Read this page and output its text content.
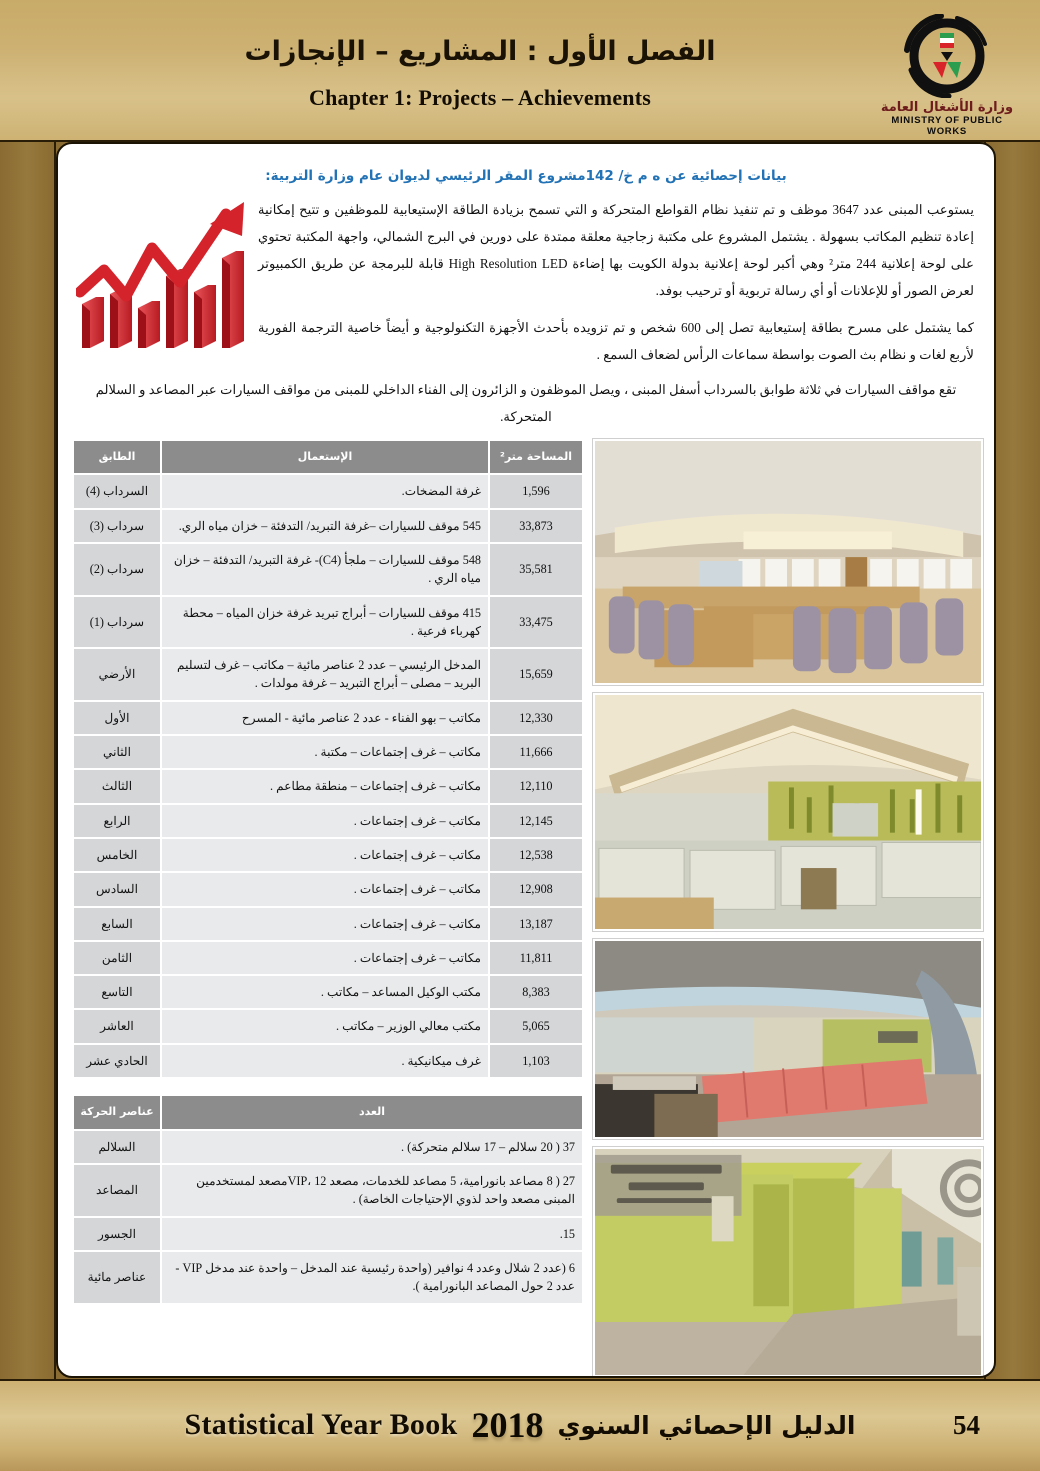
الفصل الأول : المشاريع – الإنجازات
Chapter 1: Projects – Achievements	وزارة الأشغال العامة
MINISTRY OF PUBLIC WORKS
بيانات إحصائية عن ه م خ/ 142مشروع المقر الرئيسي لديوان عام وزارة التربية:
يستوعب المبنى عدد 3647 موظف و تم تنفيذ نظام القواطع المتحركة و التي تسمح بزيادة الطاقة الإستيعابية للموظفين و تتيح إمكانية إعادة تنظيم المكاتب بسهولة . يشتمل المشروع على مكتبة زجاجية معلقة ممتدة على دورين في البرج الشمالي، واجهة المكتبة تحتوي على لوحة إعلانية 244 متر² وهي أكبر لوحة إعلانية بدولة الكويت بها إضاءة High Resolution LED قابلة للبرمجة عن طريق الكمبيوتر لعرض الصور أو للإعلانات أو أي رسالة تربوية أو ترحيب بوفد.
كما يشتمل على مسرح بطاقة إستيعابية تصل إلى 600 شخص و تم تزويده بأحدث الأجهزة التكنولوجية و أيضاً خاصية الترجمة الفورية لأربع لغات و نظام بث الصوت بواسطة سماعات الرأس لضعاف السمع .
تقع مواقف السيارات في ثلاثة طوابق بالسرداب أسفل المبنى ، ويصل الموظفون و الزائرون إلى الفناء الداخلي للمبنى من مواقف السيارات عبر المصاعد و السلالم المتحركة.
المساحة متر²	الإستعمال	الطابق
1,596	غرفة المضخات.	السرداب (4)
33,873	545 موقف للسيارات –غرفة التبريد/ التدفئة – خزان مياه الري.	سرداب (3)
35,581	548 موقف للسيارات – ملجأ (C4)- غرفة التبريد/ التدفئة – خزان مياه الري .	سرداب (2)
33,475	415 موقف للسيارات – أبراج تبريد غرفة خزان المياه – محطة كهرباء فرعية .	سرداب (1)
15,659	المدخل الرئيسي – عدد 2 عناصر مائية – مكاتب – غرف لتسليم البريد – مصلى – أبراج التبريد – غرفة مولدات .	الأرضي
12,330	مكاتب – بهو الفناء - عدد 2 عناصر مائية - المسرح	الأول
11,666	مكاتب – غرف إجتماعات – مكتبة .	الثاني
12,110	مكاتب – غرف إجتماعات – منطقة مطاعم .	الثالث
12,145	مكاتب – غرف إجتماعات .	الرابع
12,538	مكاتب – غرف إجتماعات .	الخامس
12,908	مكاتب – غرف إجتماعات .	السادس
13,187	مكاتب – غرف إجتماعات .	السابع
11,811	مكاتب – غرف إجتماعات .	الثامن
8,383	مكتب الوكيل المساعد – مكاتب .	التاسع
5,065	مكتب معالي الوزير – مكاتب .	العاشر
1,103	غرف ميكانيكية .	الحادي عشر
العدد	عناصر الحركة
37 ( 20 سلالم – 17 سلالم متحركة) .	السلالم
27 ( 8 مصاعد بانورامية، 5 مصاعد للخدمات، مصعد VIP، 12مصعد لمستخدمين المبنى مصعد واحد لذوي الإحتياجات الخاصة) .	المصاعد
15.	الجسور
6 (عدد 2 شلال وعدد 4 نوافير (واحدة رئيسية عند المدخل – واحدة عند مدخل VIP - عدد 2 حول المصاعد البانورامية ).	عناصر مائية
Statistical Year Book 2018 الدليل الإحصائي السنوي	54
